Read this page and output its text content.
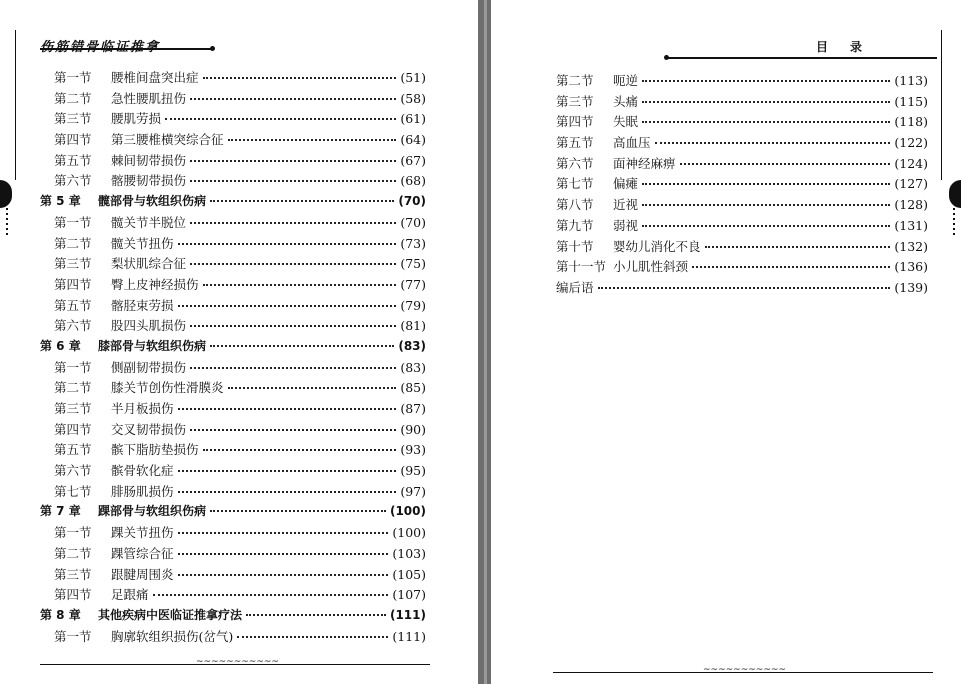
第一节	腰椎间盘突出症	(51)
第二节	急性腰肌扭伤	(58)
第三节	腰肌劳损	(61)
第四节	第三腰椎横突综合征	(64)
第五节	棘间韧带损伤	(67)
第六节	髂腰韧带损伤	(68)
第 5 章	髋部骨与软组织伤病	(70)
第一节	髋关节半脱位	(70)
第二节	髋关节扭伤	(73)
第三节	梨状肌综合征	(75)
第四节	臀上皮神经损伤	(77)
第五节	髂胫束劳损	(79)
第六节	股四头肌损伤	(81)
第 6 章	膝部骨与软组织伤病	(83)
第一节	侧副韧带损伤	(83)
第二节	膝关节创伤性滑膜炎	(85)
第三节	半月板损伤	(87)
第四节	交叉韧带损伤	(90)
第五节	髌下脂肪垫损伤	(93)
第六节	髌骨软化症	(95)
第七节	腓肠肌损伤	(97)
第 7 章	踝部骨与软组织伤病	(100)
第一节	踝关节扭伤	(100)
第二节	踝管综合征	(103)
第三节	跟腱周围炎	(105)
第四节	足跟痛	(107)
第 8 章	其他疾病中医临证推拿疗法	(111)
第一节	胸廓软组织损伤(岔气)	(111)
~~~~~~~~~~~
目录
第二节	呃逆	(113)
第三节	头痛	(115)
第四节	失眠	(118)
第五节	高血压	(122)
第六节	面神经麻痹	(124)
第七节	偏瘫	(127)
第八节	近视	(128)
第九节	弱视	(131)
第十节	婴幼儿消化不良	(132)
第十一节 小儿肌性斜颈	(136)
编后语	(139)
~~~~~~~~~~~
